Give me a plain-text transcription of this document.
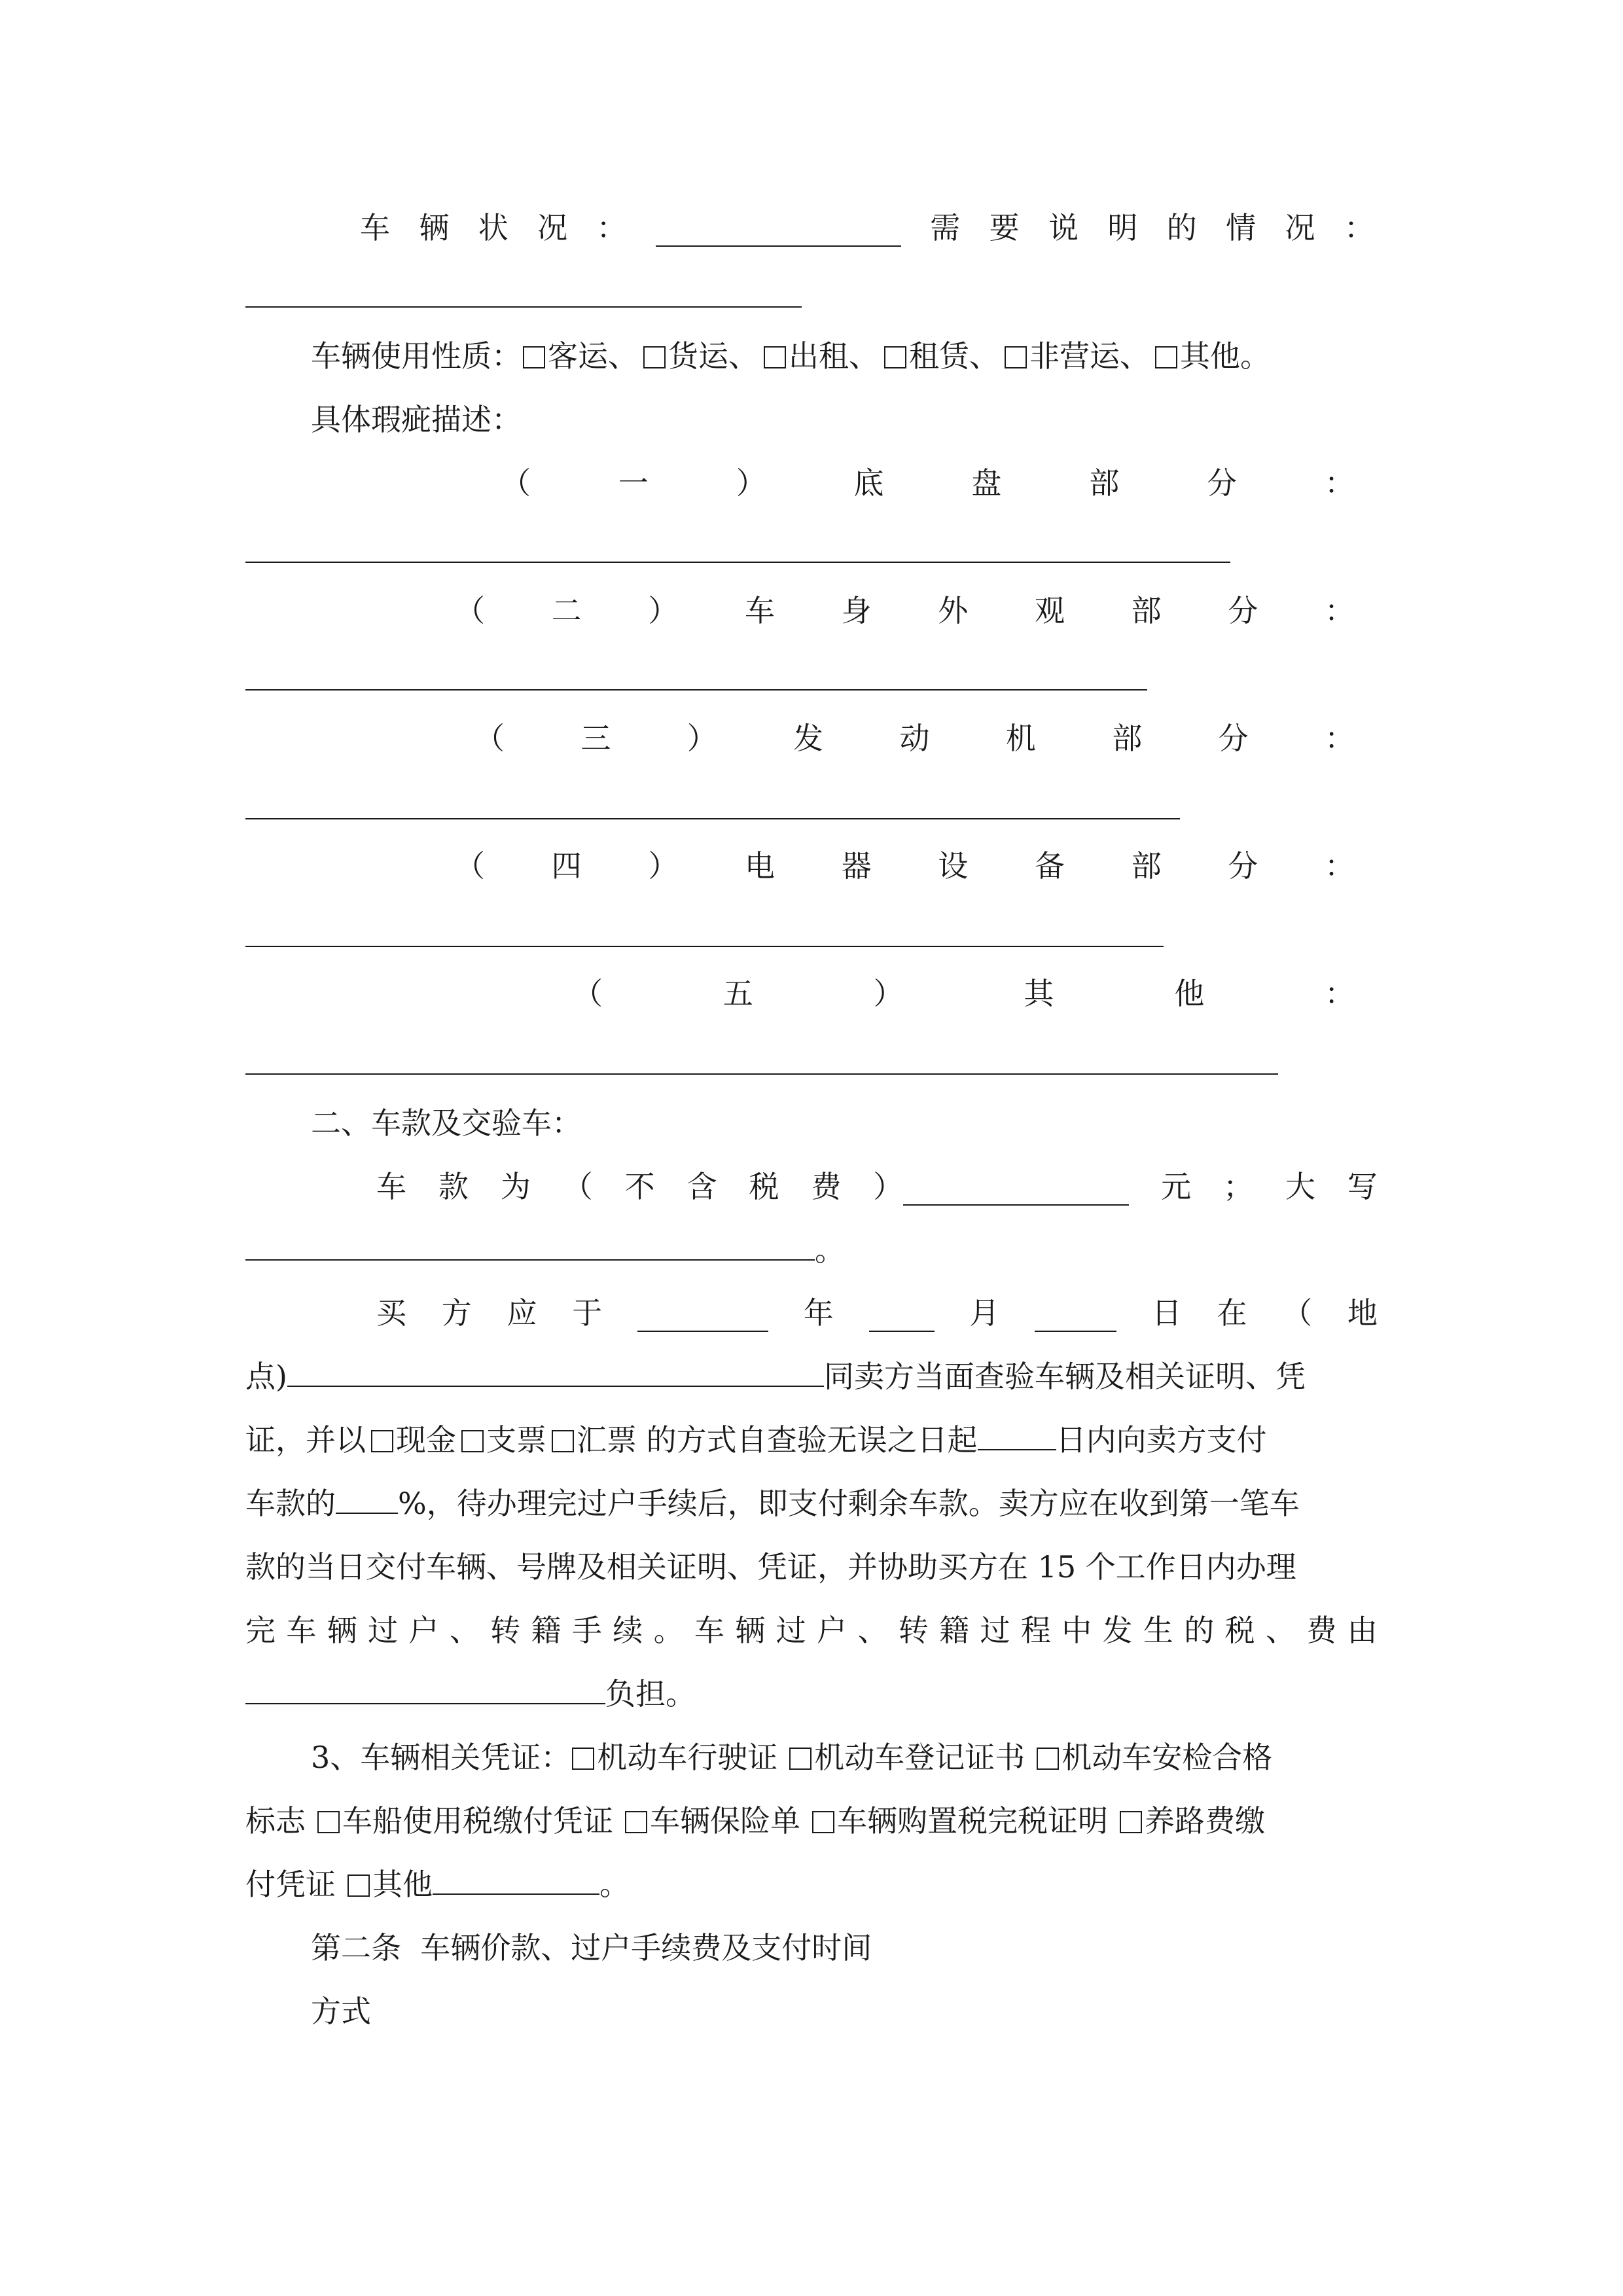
车 辆 状 况 ：	需 要 说 明 的 情 况 ：
车辆使用性质： 客运、 货运、 出租、 租赁、 非营运、 其他。
具体瑕疵描述：
（	一	）	底	盘	部	分	：
（ 二 ） 车 身 外 观 部 分 ：
（	三	）	发	动	机	部	分	：
（ 四 ） 电 器 设 备 部 分 ：
（	五	）	其	他	：
二、车款及交验车：
车 款 为 （ 不 含 税 费 ）	元 ； 大 写
。
买 方 应 于	年	月	日 在 （ 地
点)	同卖方当面查验车辆及相关证明、凭
证，并以 现金 支票 汇票 的方式自查验无误之日起	日内向卖方支付
车款的 %，待办理完过户手续后，即支付剩余车款。卖方应在收到第一笔车
款的当日交付车辆、号牌及相关证明、凭证，并协助买方在 15 个工作日内办理
完 车 辆 过 户 、 转 籍 手 续 。 车 辆 过 户 、 转 籍 过 程 中 发 生 的 税 、 费 由
负担。
3、车辆相关凭证： 机动车行驶证 机动车登记证书 机动车安检合格
标志 车船使用税缴付凭证 车辆保险单 车辆购置税完税证明 养路费缴
付凭证 其他	。
第二条  车辆价款、过户手续费及支付时间
方式
